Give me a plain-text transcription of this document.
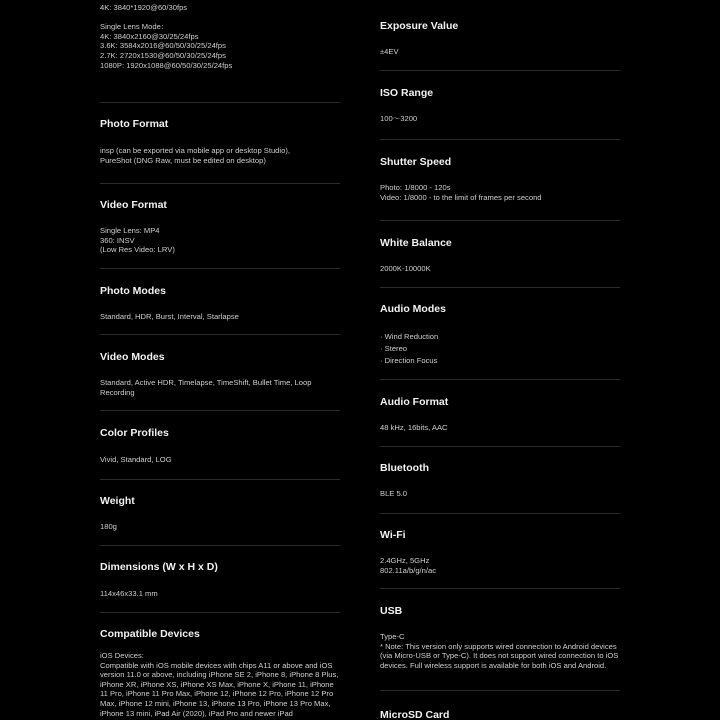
4K: 3840*1920@60/30fps
Single Lens Mode：
4K: 3840x2160@30/25/24fps
3.6K: 3584x2016@60/50/30/25/24fps
2.7K: 2720x1530@60/50/30/25/24fps
1080P: 1920x1088@60/50/30/25/24fps
Photo Format
insp (can be exported via mobile app or desktop Studio),
PureShot (DNG Raw, must be edited on desktop)
Video Format
Single Lens: MP4
360: INSV
(Low Res Video: LRV)
Photo Modes
Standard, HDR, Burst, Interval, Starlapse
Video Modes
Standard, Active HDR, Timelapse, TimeShift, Bullet Time, Loop Recording
Color Profiles
Vivid, Standard, LOG
Weight
180g
Dimensions (W x H x D)
114x46x33.1 mm
Compatible Devices
iOS Devices:
Compatible with iOS mobile devices with chips A11 or above and iOS version 11.0 or above, including iPhone SE 2, iPhone 8, iPhone 8 Plus, iPhone XR, iPhone XS, iPhone XS Max, iPhone X, iPhone 11, iPhone 11 Pro, iPhone 11 Pro Max, iPhone 12, iPhone 12 Pro, iPhone 12 Pro Max, iPhone 12 mini, iPhone 13, iPhone 13 Pro, iPhone 13 Pro Max, iPhone 13 mini, iPad Air (2020), iPad Pro and newer iPad
Exposure Value
±4EV
ISO Range
100～3200
Shutter Speed
Photo: 1/8000 - 120s
Video: 1/8000 - to the limit of frames per second
White Balance
2000K-10000K
Audio Modes
· Wind Reduction
· Stereo
· Direction Focus
Audio Format
48 kHz, 16bits, AAC
Bluetooth
BLE 5.0
Wi-Fi
2.4GHz, 5GHz
802.11a/b/g/n/ac
USB
Type-C
* Note: This version only supports wired connection to Android devices (via Micro-USB or Type-C). It does not support wired connection to iOS devices. Full wireless support is available for both iOS and Android.
MicroSD Card
